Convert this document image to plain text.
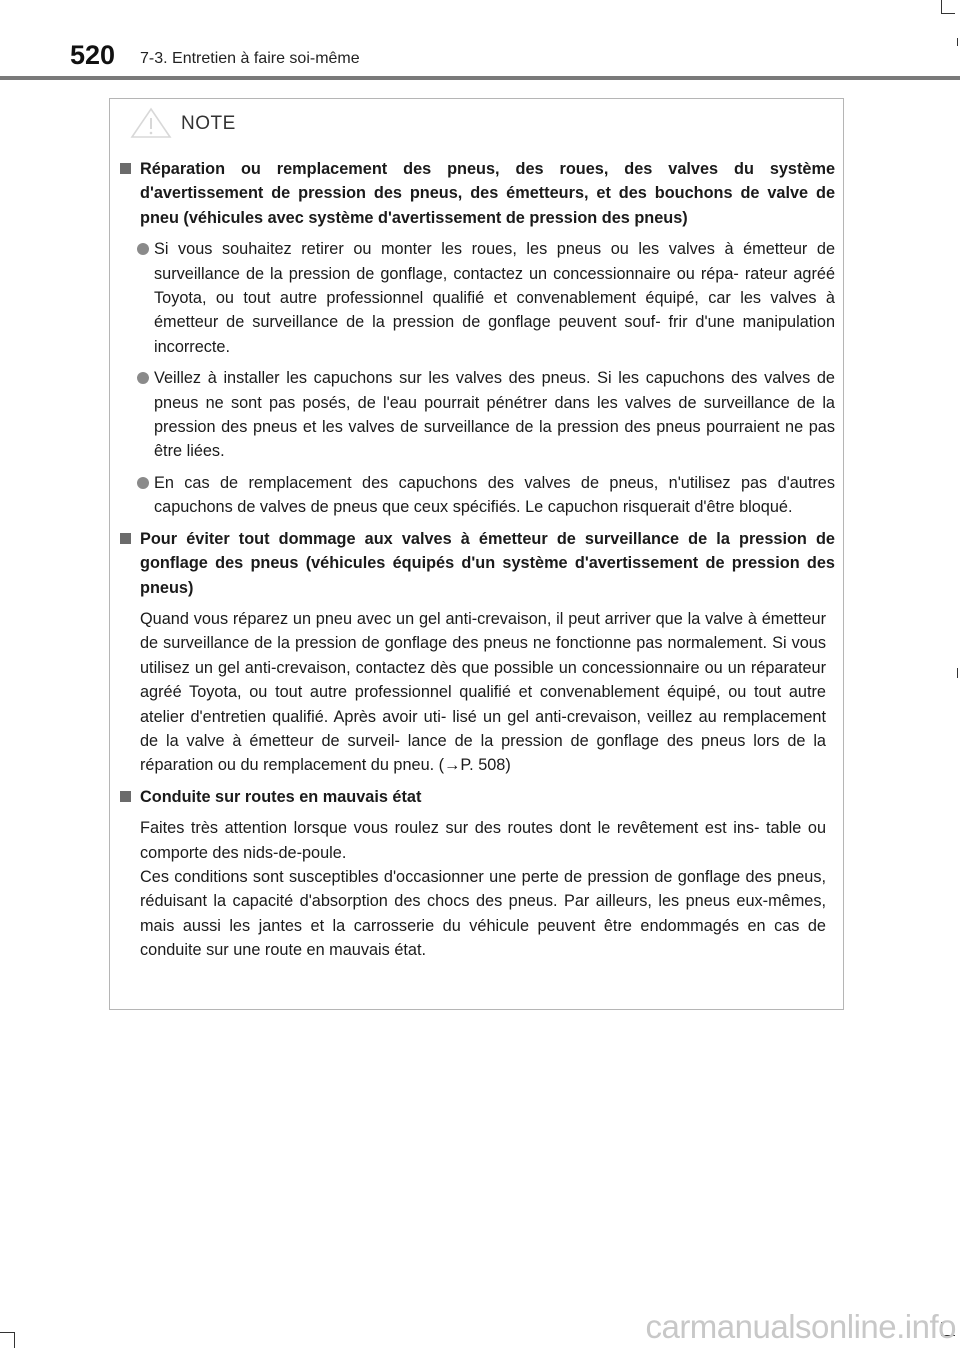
520 7-3. Entretien à faire soi-même
NOTE
Réparation ou remplacement des pneus, des roues, des valves du système d'avertissement de pression des pneus, des émetteurs, et des bouchons de valve de pneu (véhicules avec système d'avertissement de pression des pneus)
Si vous souhaitez retirer ou monter les roues, les pneus ou les valves à émetteur de surveillance de la pression de gonflage, contactez un concessionnaire ou répa- rateur agréé Toyota, ou tout autre professionnel qualifié et convenablement équipé, car les valves à émetteur de surveillance de la pression de gonflage peuvent souf- frir d'une manipulation incorrecte.
Veillez à installer les capuchons sur les valves des pneus. Si les capuchons des valves de pneus ne sont pas posés, de l'eau pourrait pénétrer dans les valves de surveillance de la pression des pneus et les valves de surveillance de la pression des pneus pourraient ne pas être liées.
En cas de remplacement des capuchons des valves de pneus, n'utilisez pas d'autres capuchons de valves de pneus que ceux spécifiés. Le capuchon risquerait d'être bloqué.
Pour éviter tout dommage aux valves à émetteur de surveillance de la pression de gonflage des pneus (véhicules équipés d'un système d'avertissement de pression des pneus)
Quand vous réparez un pneu avec un gel anti-crevaison, il peut arriver que la valve à émetteur de surveillance de la pression de gonflage des pneus ne fonctionne pas normalement. Si vous utilisez un gel anti-crevaison, contactez dès que possible un concessionnaire ou un réparateur agréé Toyota, ou tout autre professionnel qualifié et convenablement équipé, ou tout autre atelier d'entretien qualifié. Après avoir uti- lisé un gel anti-crevaison, veillez au remplacement de la valve à émetteur de surveil- lance de la pression de gonflage des pneus lors de la réparation ou du remplacement du pneu. (→P. 508)
Conduite sur routes en mauvais état
Faites très attention lorsque vous roulez sur des routes dont le revêtement est ins- table ou comporte des nids-de-poule.
Ces conditions sont susceptibles d'occasionner une perte de pression de gonflage des pneus, réduisant la capacité d'absorption des chocs des pneus. Par ailleurs, les pneus eux-mêmes, mais aussi les jantes et la carrosserie du véhicule peuvent être endommagés en cas de conduite sur une route en mauvais état.
carmanualsonline.info
